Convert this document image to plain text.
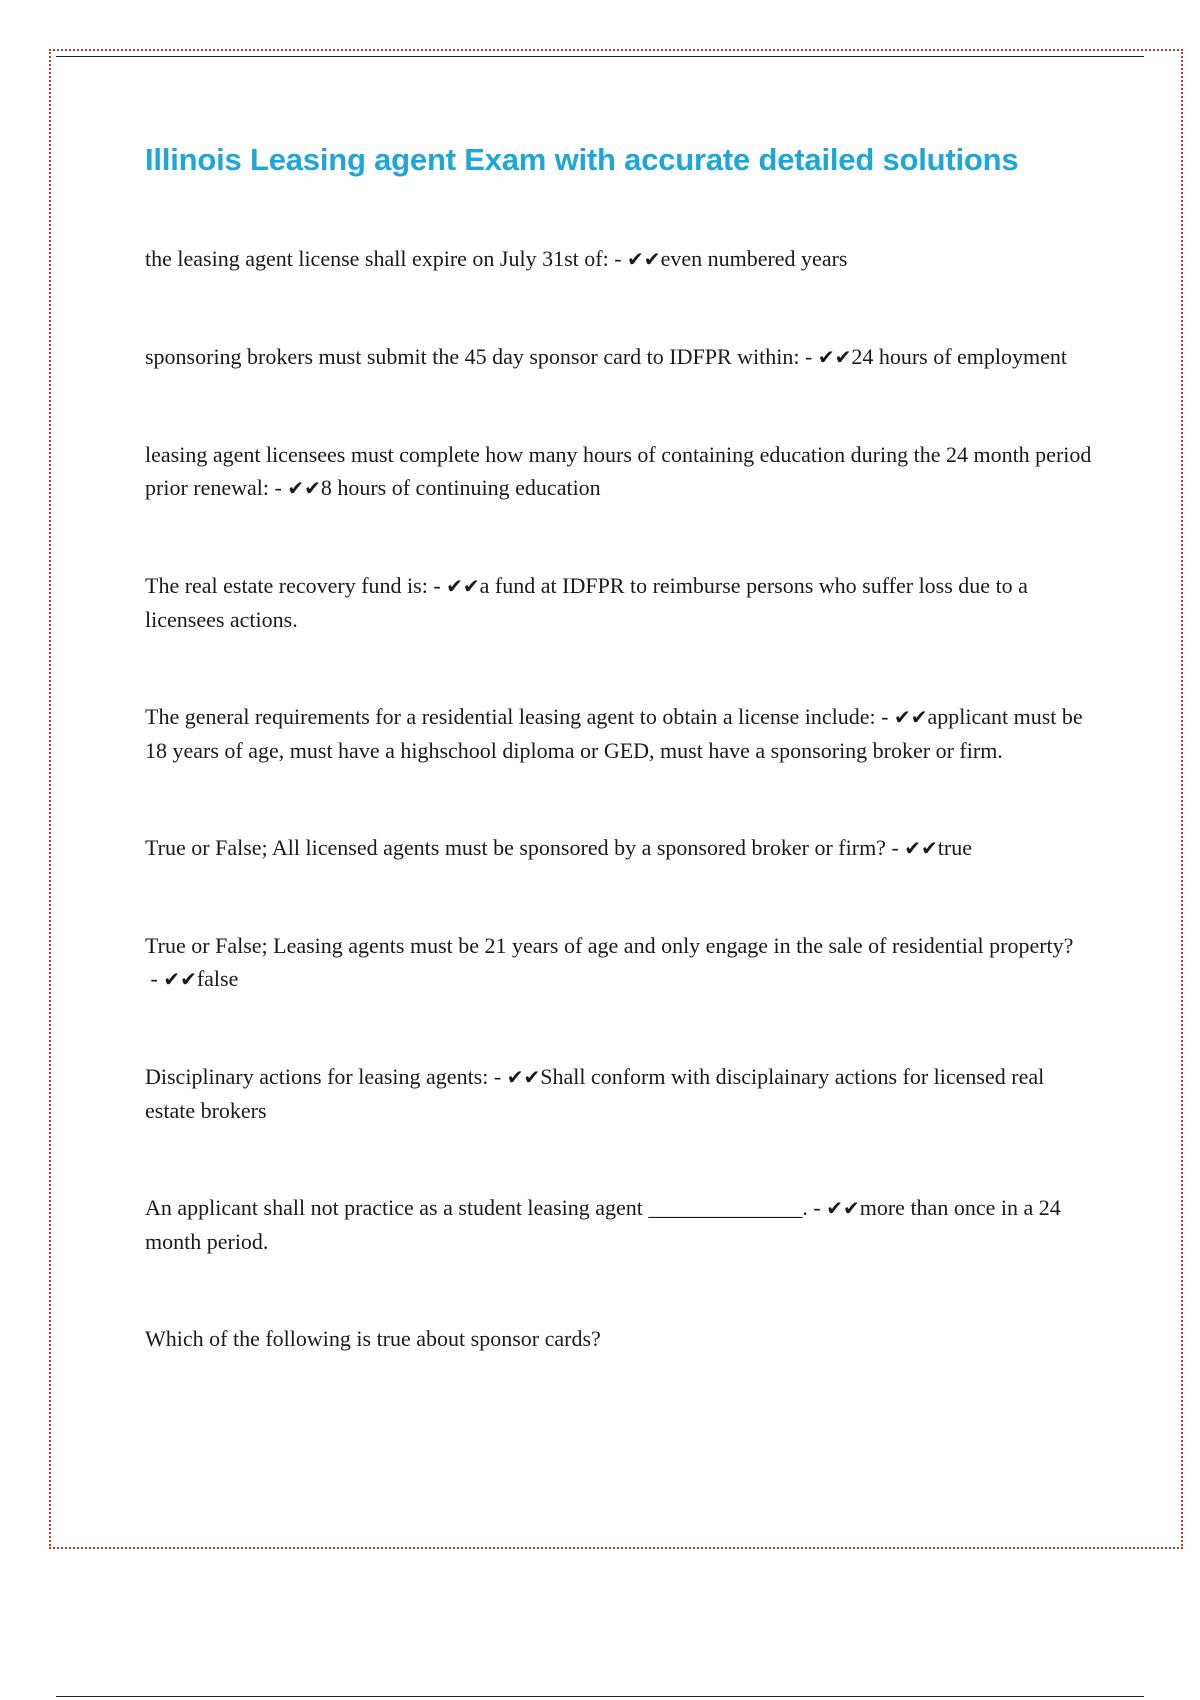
Illinois Leasing agent Exam with accurate detailed solutions

the leasing agent license shall expire on July 31st of: - ✔✔even numbered years

sponsoring brokers must submit the 45 day sponsor card to IDFPR within: - ✔✔24 hours of employment

leasing agent licensees must complete how many hours of containing education during the 24 month period prior renewal: - ✔✔8 hours of continuing education

The real estate recovery fund is: - ✔✔a fund at IDFPR to reimburse persons who suffer loss due to a licensees actions.

The general requirements for a residential leasing agent to obtain a license include: - ✔✔applicant must be 18 years of age, must have a highschool diploma or GED, must have a sponsoring broker or firm.

True or False; All licensed agents must be sponsored by a sponsored broker or firm? - ✔✔true

True or False; Leasing agents must be 21 years of age and only engage in the sale of residential property? - ✔✔false

Disciplinary actions for leasing agents: - ✔✔Shall conform with disciplainary actions for licensed real estate brokers

An applicant shall not practice as a student leasing agent ______________. - ✔✔more than once in a 24 month period.

Which of the following is true about sponsor cards?
